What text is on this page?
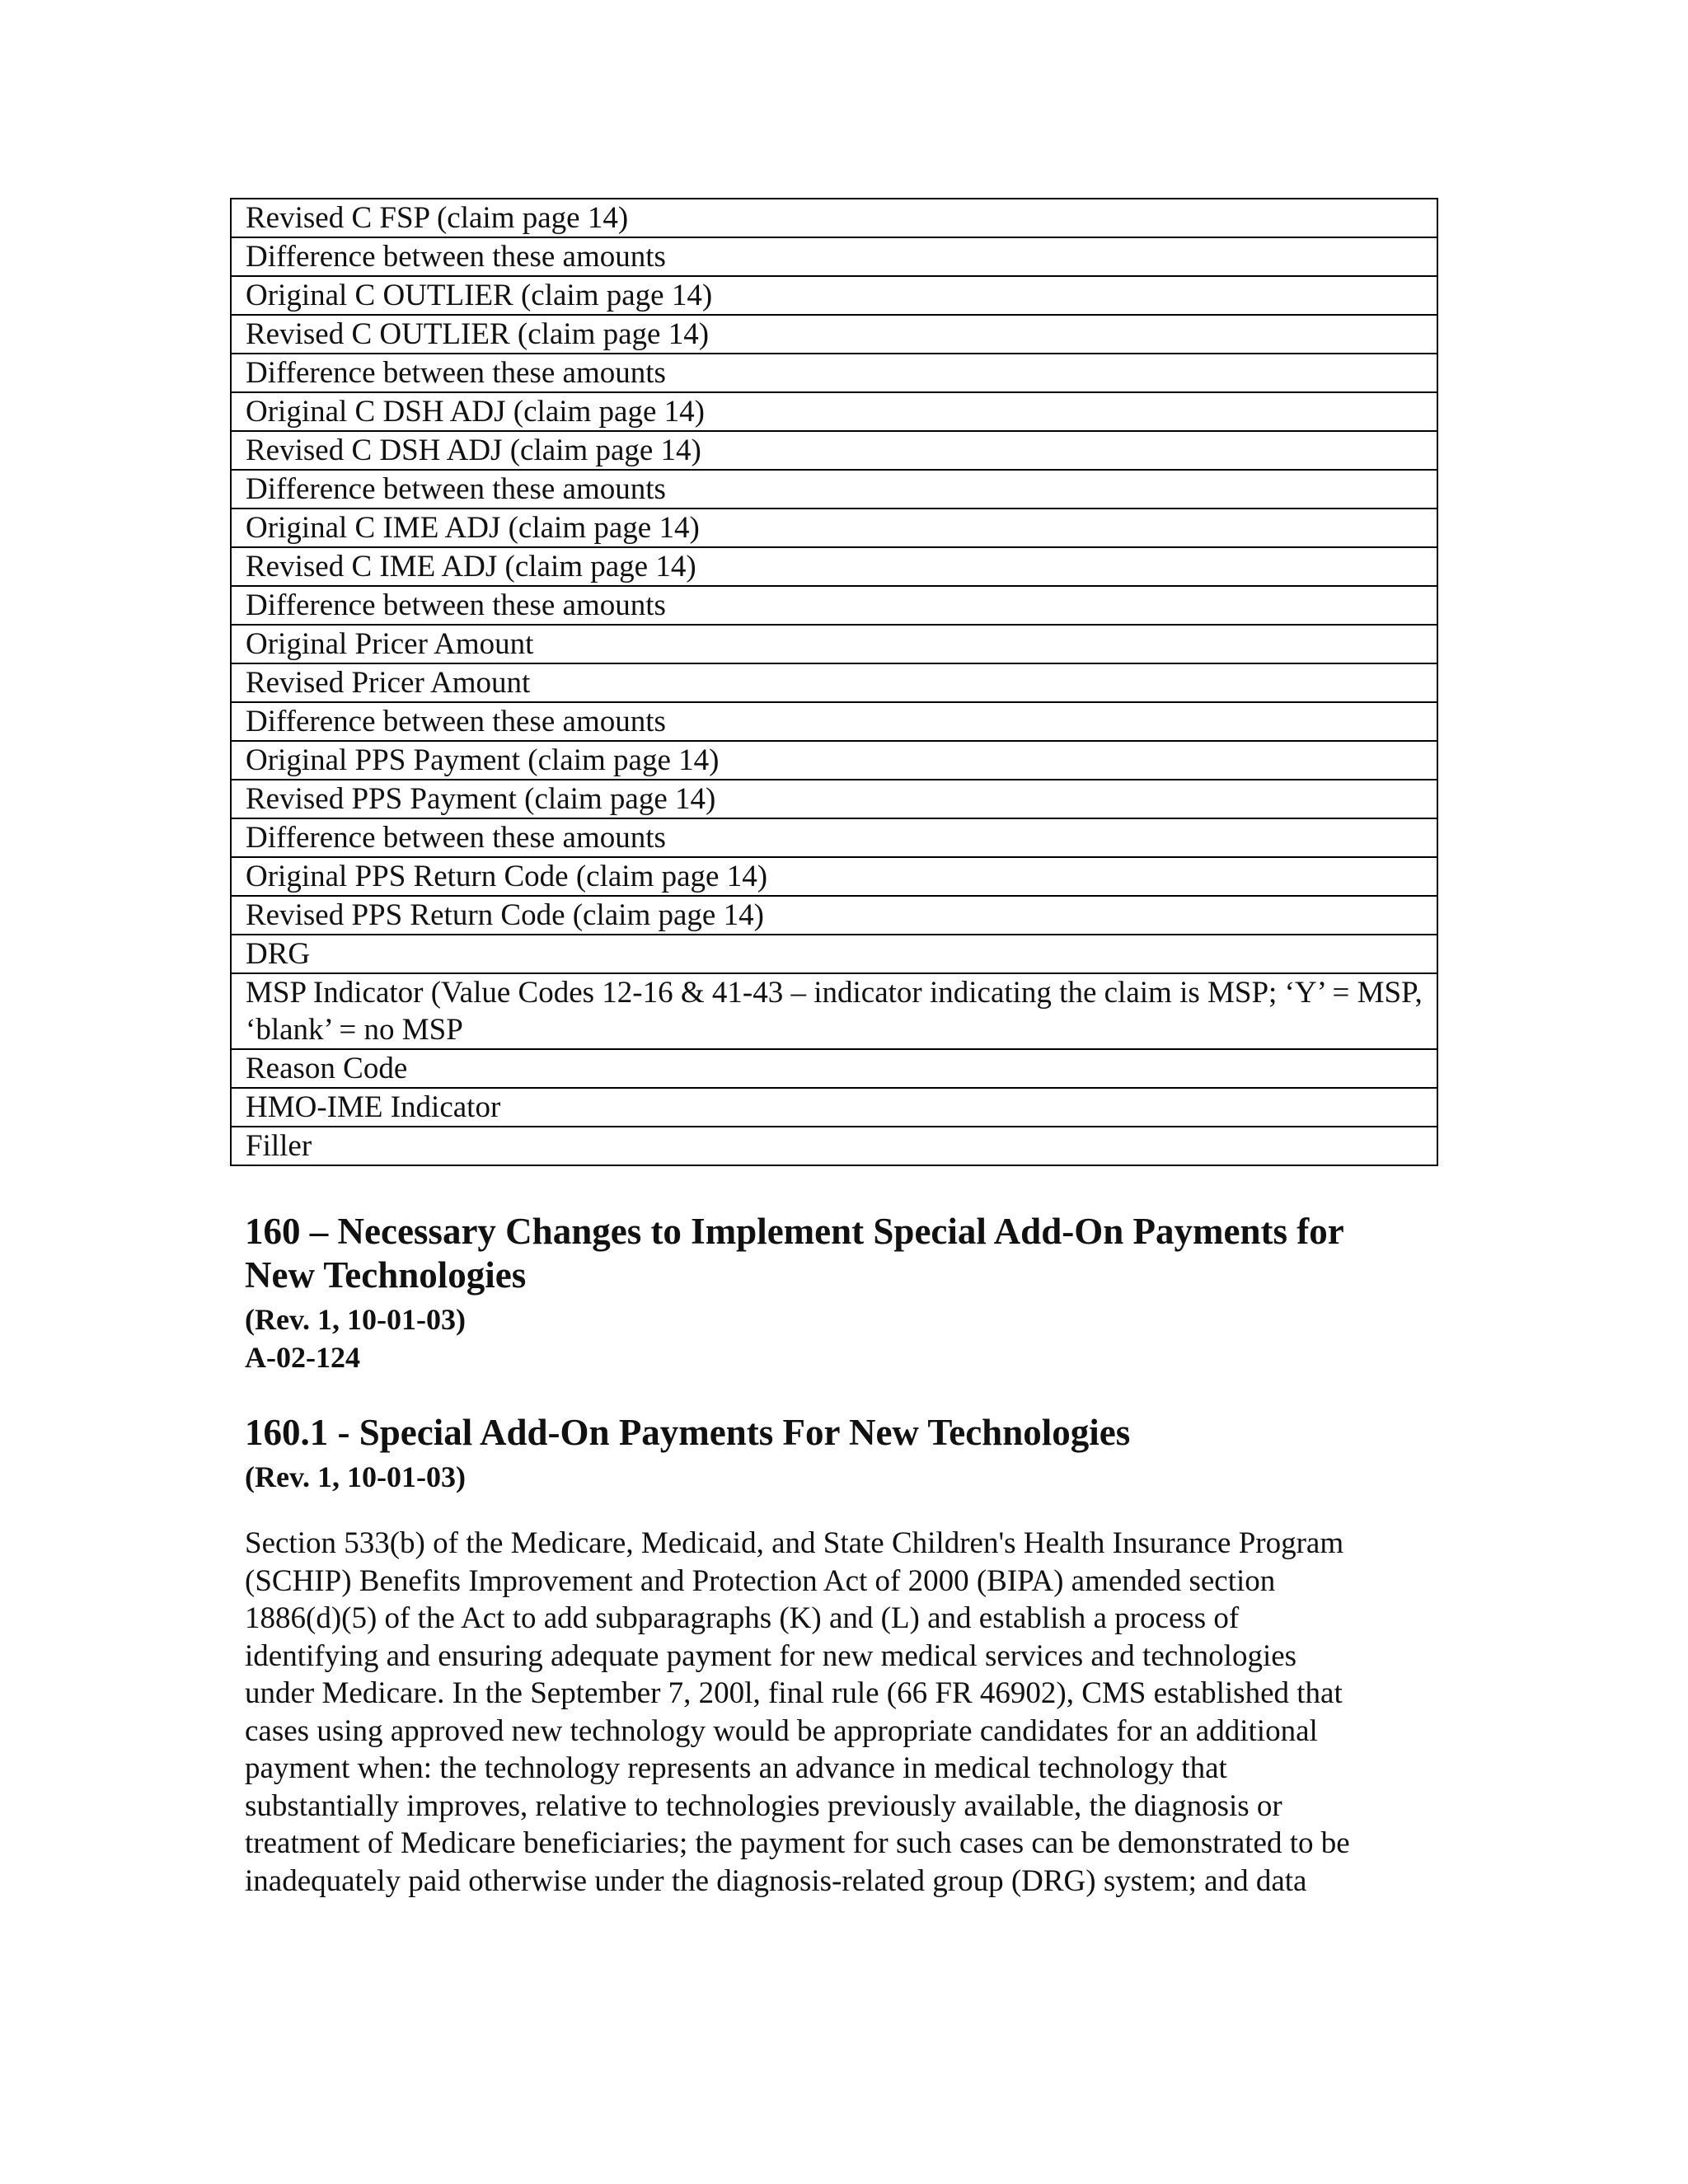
Revised C FSP (claim page 14)
Difference between these amounts
Original C OUTLIER (claim page 14)
Revised C OUTLIER (claim page 14)
Difference between these amounts
Original C DSH ADJ (claim page 14)
Revised C DSH ADJ (claim page 14)
Difference between these amounts
Original C IME ADJ (claim page 14)
Revised C IME ADJ (claim page 14)
Difference between these amounts
Original Pricer Amount
Revised Pricer Amount
Difference between these amounts
Original PPS Payment (claim page 14)
Revised PPS Payment (claim page 14)
Difference between these amounts
Original PPS Return Code (claim page 14)
Revised PPS Return Code (claim page 14)
DRG
MSP Indicator (Value Codes 12-16 & 41-43 – indicator indicating the claim is MSP; ‘Y’ = MSP, ‘blank’ = no MSP
Reason Code
HMO-IME Indicator
Filler
160 – Necessary Changes to Implement Special Add-On Payments for
New Technologies
(Rev. 1, 10-01-03)
A-02-124
160.1 - Special Add-On Payments For New Technologies
(Rev. 1, 10-01-03)

Section 533(b) of the Medicare, Medicaid, and State Children's Health Insurance Program
(SCHIP) Benefits Improvement and Protection Act of 2000 (BIPA) amended section
1886(d)(5) of the Act to add subparagraphs (K) and (L) and establish a process of
identifying and ensuring adequate payment for new medical services and technologies
under Medicare. In the September 7, 200l, final rule (66 FR 46902), CMS established that
cases using approved new technology would be appropriate candidates for an additional
payment when: the technology represents an advance in medical technology that
substantially improves, relative to technologies previously available, the diagnosis or
treatment of Medicare beneficiaries; the payment for such cases can be demonstrated to be
inadequately paid otherwise under the diagnosis-related group (DRG) system; and data
